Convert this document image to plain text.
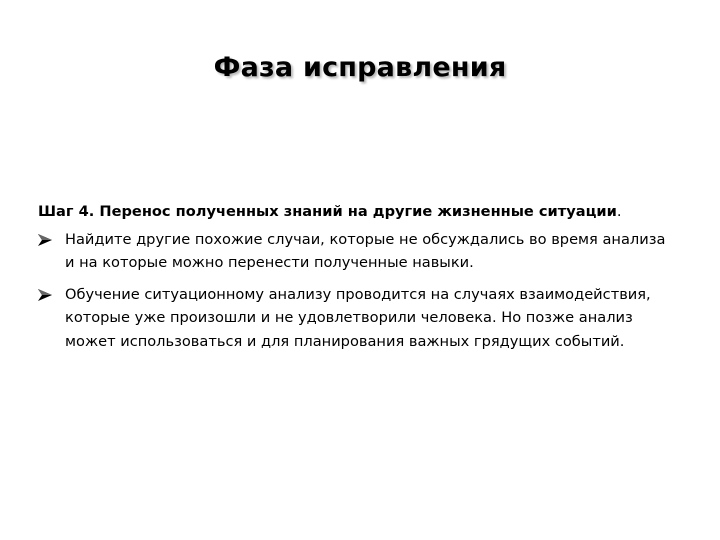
Фаза исправления
Шаг 4. Перенос полученных знаний на другие жизненные ситуации.
Найдите другие похожие случаи, которые не обсуждались во время анализа и на которые можно перенести полученные навыки.
Обучение ситуационному анализу проводится на случаях взаимодействия, которые уже произошли и не удовлетворили человека. Но позже анализ может использоваться и для планирования важных грядущих событий.
